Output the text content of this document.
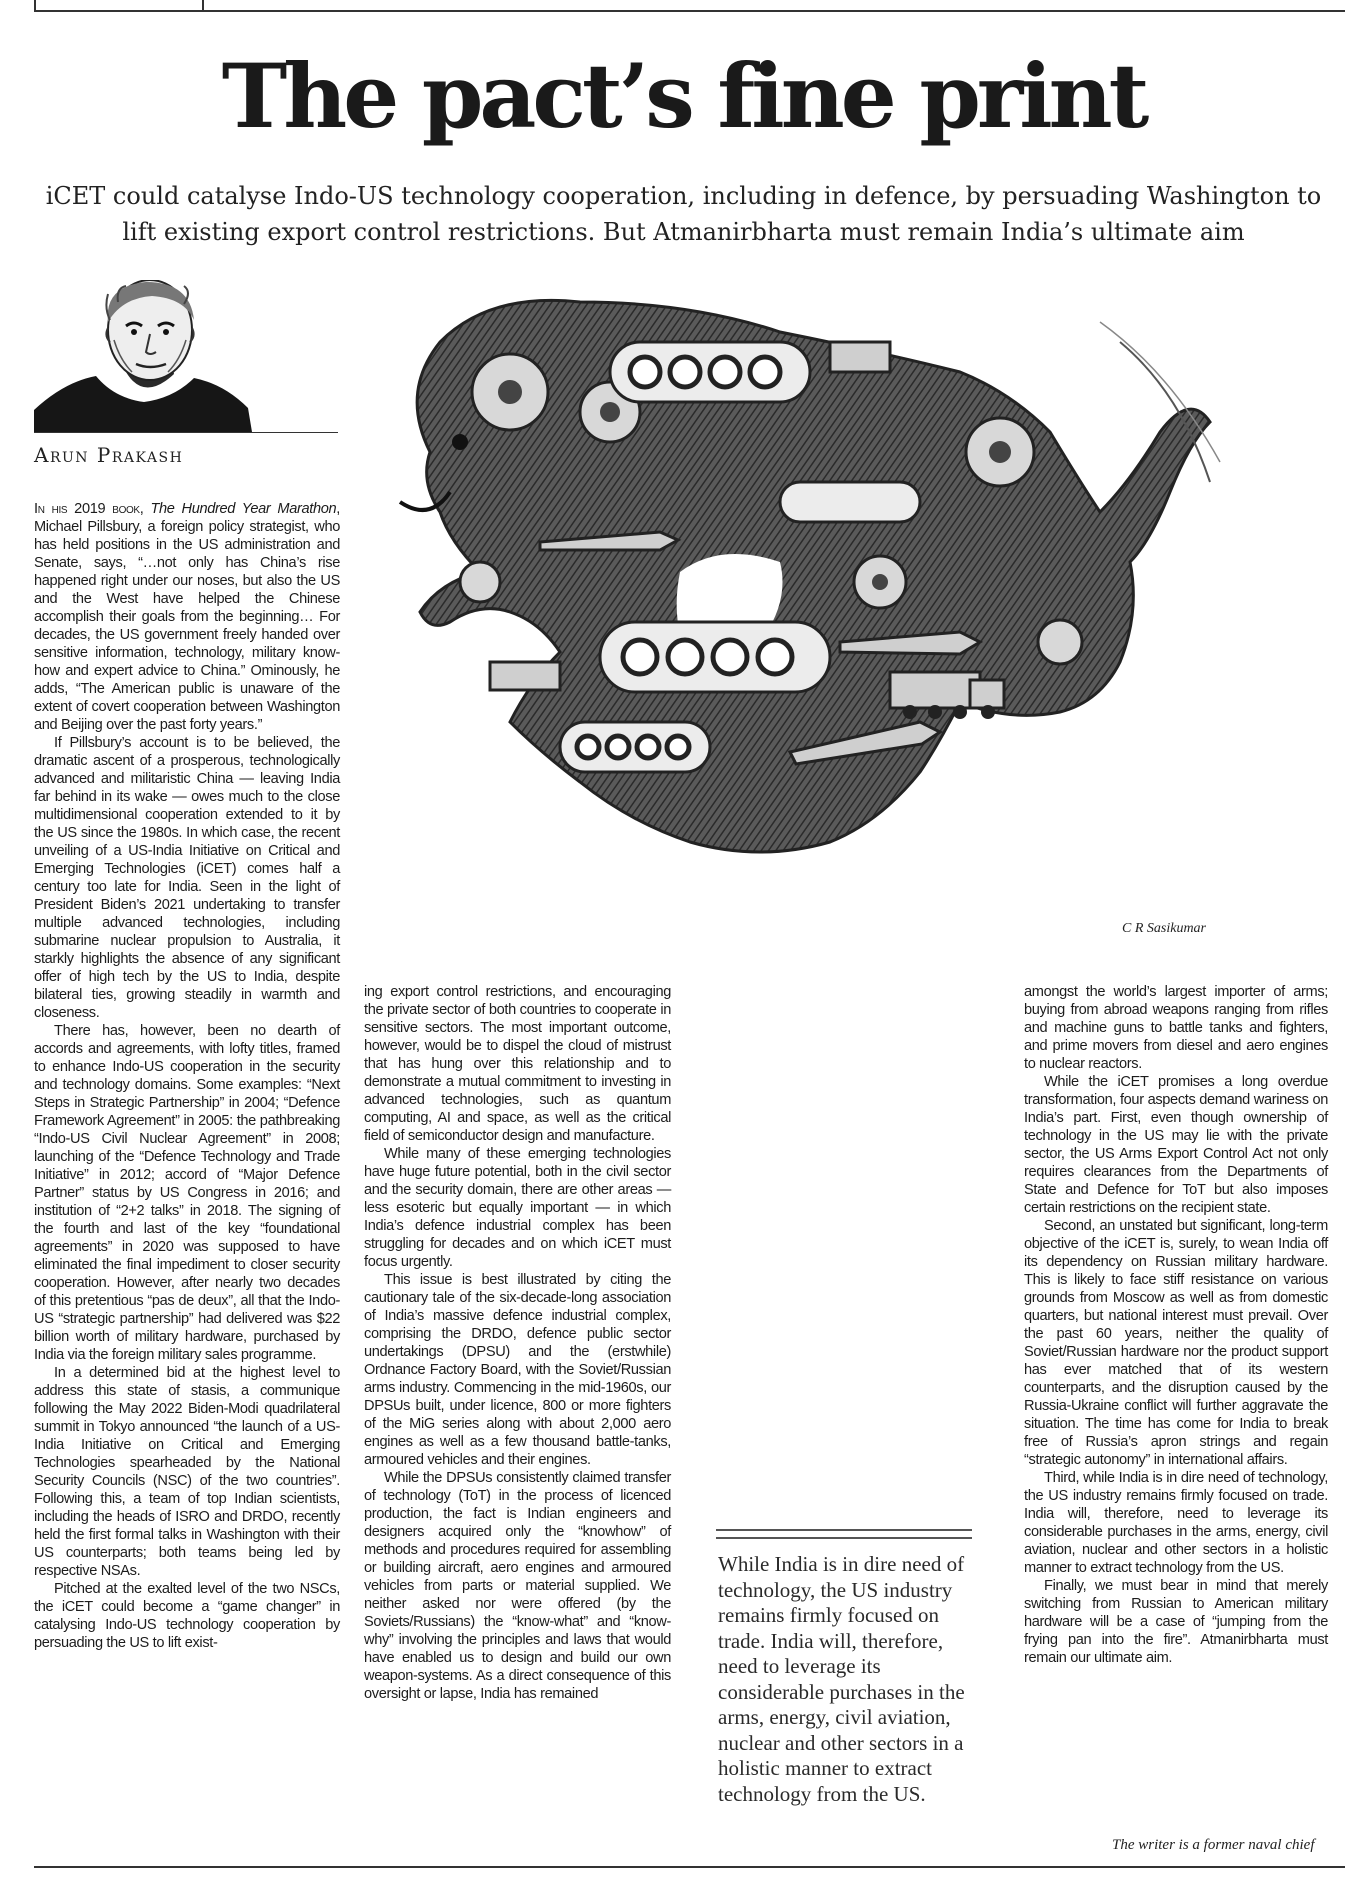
The pact’s fine print

iCET could catalyse Indo-US technology cooperation, including in defence, by persuading Washington to lift existing export control restrictions. But Atmanirbharta must remain India’s ultimate aim

Arun Prakash
C R Sasikumar

In his 2019 book, The Hundred Year Marathon, Michael Pillsbury, a foreign policy strategist, who has held positions in the US administration and Senate, says, “…not only has China’s rise happened right under our noses, but also the US and the West have helped the Chinese accomplish their goals from the beginning… For decades, the US government freely handed over sensitive information, technology, military know-how and expert advice to China.” Ominously, he adds, “The American public is unaware of the extent of covert cooperation between Washington and Beijing over the past forty years.”

If Pillsbury’s account is to be believed, the dramatic ascent of a prosperous, technologically advanced and militaristic China — leaving India far behind in its wake — owes much to the close multidimensional cooperation extended to it by the US since the 1980s. In which case, the recent unveiling of a US-India Initiative on Critical and Emerging Technologies (iCET) comes half a century too late for India. Seen in the light of President Biden’s 2021 undertaking to transfer multiple advanced technologies, including submarine nuclear propulsion to Australia, it starkly highlights the absence of any significant offer of high tech by the US to India, despite bilateral ties, growing steadily in warmth and closeness.

There has, however, been no dearth of accords and agreements, with lofty titles, framed to enhance Indo-US cooperation in the security and technology domains. Some examples: “Next Steps in Strategic Partnership” in 2004; “Defence Framework Agreement” in 2005: the pathbreaking “Indo-US Civil Nuclear Agreement” in 2008; launching of the “Defence Technology and Trade Initiative” in 2012; accord of “Major Defence Partner” status by US Congress in 2016; and institution of “2+2 talks” in 2018. The signing of the fourth and last of the key “foundational agreements” in 2020 was supposed to have eliminated the final impediment to closer security cooperation. However, after nearly two decades of this pretentious “pas de deux”, all that the Indo-US “strategic partnership” had delivered was $22 billion worth of military hardware, purchased by India via the foreign military sales programme.

In a determined bid at the highest level to address this state of stasis, a communique following the May 2022 Biden-Modi quadrilateral summit in Tokyo announced “the launch of a US-India Initiative on Critical and Emerging Technologies spearheaded by the National Security Councils (NSC) of the two countries”. Following this, a team of top Indian scientists, including the heads of ISRO and DRDO, recently held the first formal talks in Washington with their US counterparts; both teams being led by respective NSAs.

Pitched at the exalted level of the two NSCs, the iCET could become a “game changer” in catalysing Indo-US technology cooperation by persuading the US to lift exist-

ing export control restrictions, and encouraging the private sector of both countries to cooperate in sensitive sectors. The most important outcome, however, would be to dispel the cloud of mistrust that has hung over this relationship and to demonstrate a mutual commitment to investing in advanced technologies, such as quantum computing, AI and space, as well as the critical field of semiconductor design and manufacture.

While many of these emerging technologies have huge future potential, both in the civil sector and the security domain, there are other areas — less esoteric but equally important — in which India’s defence industrial complex has been struggling for decades and on which iCET must focus urgently.

This issue is best illustrated by citing the cautionary tale of the six-decade-long association of India’s massive defence industrial complex, comprising the DRDO, defence public sector undertakings (DPSU) and the (erstwhile) Ordnance Factory Board, with the Soviet/Russian arms industry. Commencing in the mid-1960s, our DPSUs built, under licence, 800 or more fighters of the MiG series along with about 2,000 aero engines as well as a few thousand battle-tanks, armoured vehicles and their engines.

While the DPSUs consistently claimed transfer of technology (ToT) in the process of licenced production, the fact is Indian engineers and designers acquired only the “knowhow” of methods and procedures required for assembling or building aircraft, aero engines and armoured vehicles from parts or material supplied. We neither asked nor were offered (by the Soviets/Russians) the “know-what” and “know-why” involving the principles and laws that would have enabled us to design and build our own weapon-systems. As a direct consequence of this oversight or lapse, India has remained

While India is in dire need of technology, the US industry remains firmly focused on trade. India will, therefore, need to leverage its considerable purchases in the arms, energy, civil aviation, nuclear and other sectors in a holistic manner to extract technology from the US.

amongst the world’s largest importer of arms; buying from abroad weapons ranging from rifles and machine guns to battle tanks and fighters, and prime movers from diesel and aero engines to nuclear reactors.

While the iCET promises a long overdue transformation, four aspects demand wariness on India’s part. First, even though ownership of technology in the US may lie with the private sector, the US Arms Export Control Act not only requires clearances from the Departments of State and Defence for ToT but also imposes certain restrictions on the recipient state.

Second, an unstated but significant, long-term objective of the iCET is, surely, to wean India off its dependency on Russian military hardware. This is likely to face stiff resistance on various grounds from Moscow as well as from domestic quarters, but national interest must prevail. Over the past 60 years, neither the quality of Soviet/Russian hardware nor the product support has ever matched that of its western counterparts, and the disruption caused by the Russia-Ukraine conflict will further aggravate the situation. The time has come for India to break free of Russia’s apron strings and regain “strategic autonomy” in international affairs.

Third, while India is in dire need of technology, the US industry remains firmly focused on trade. India will, therefore, need to leverage its considerable purchases in the arms, energy, civil aviation, nuclear and other sectors in a holistic manner to extract technology from the US.

Finally, we must bear in mind that merely switching from Russian to American military hardware will be a case of “jumping from the frying pan into the fire”. Atmanirbharta must remain our ultimate aim.

The writer is a former naval chief
